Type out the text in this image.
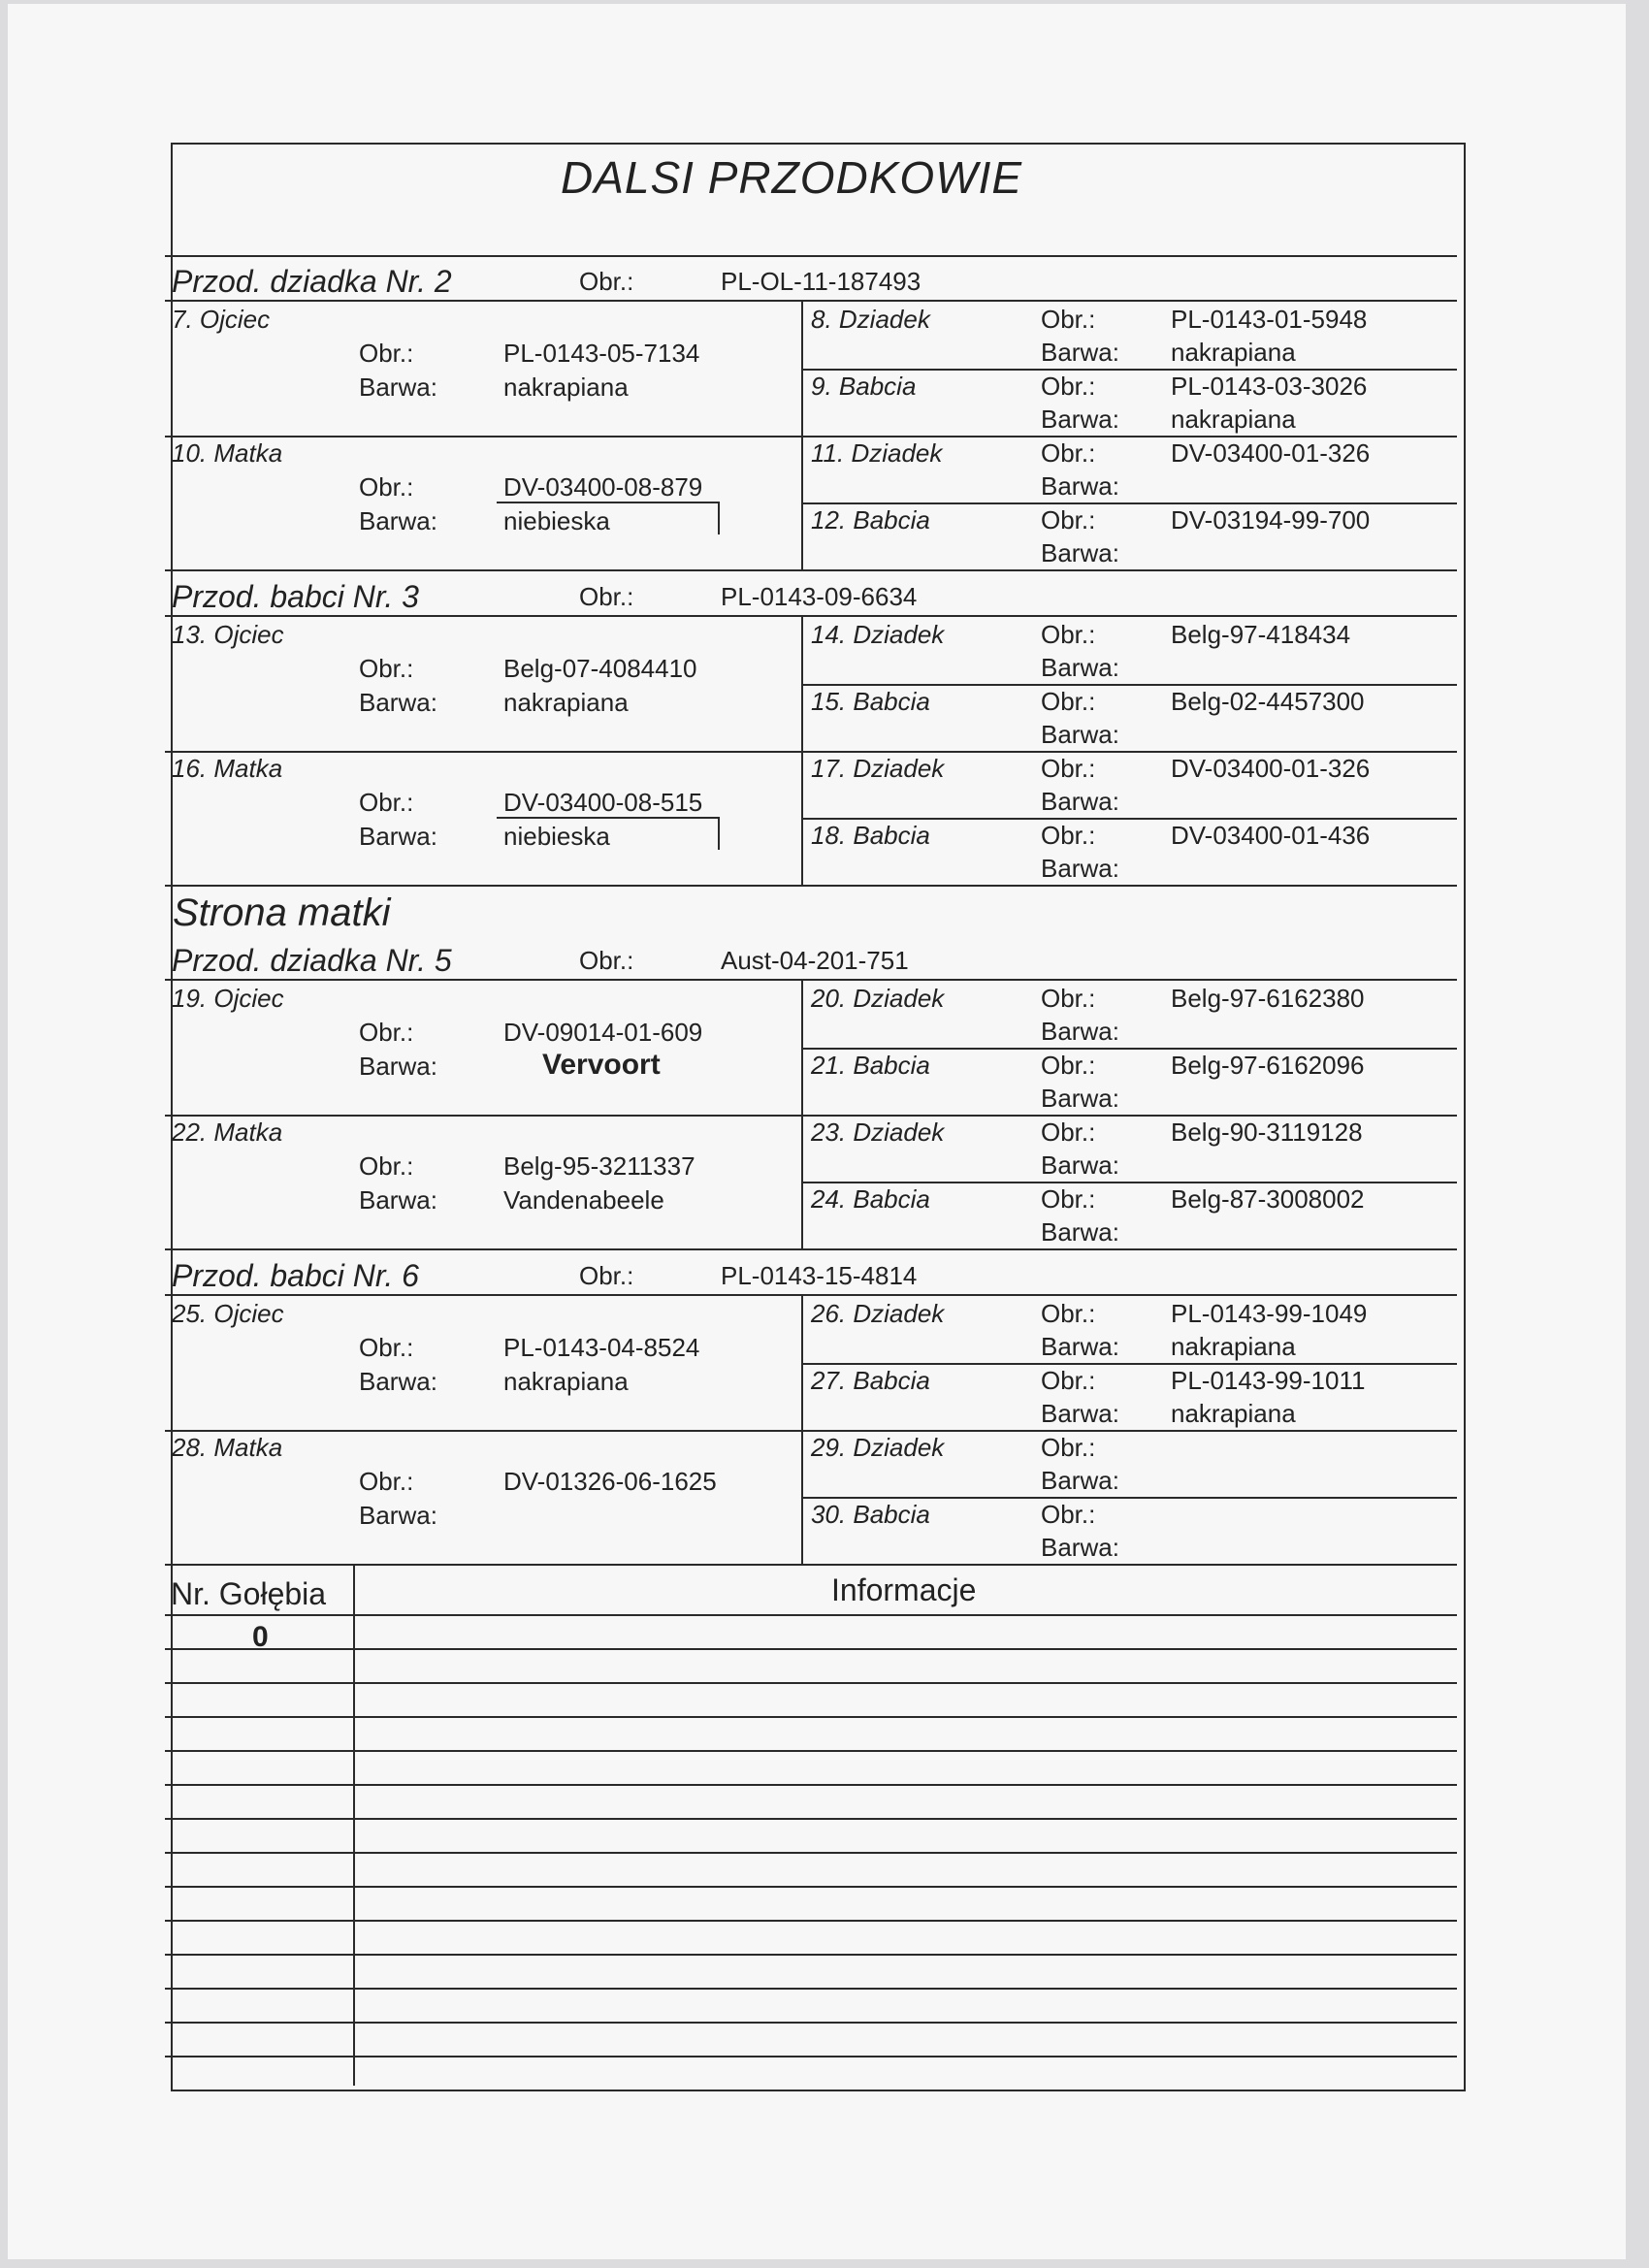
DALSI PRZODKOWIE
Przod. dziadka Nr. 2	Obr.:	PL-OL-11-187493
7. Ojciec
Obr.:	PL-0143-05-7134
Barwa:	nakrapiana
10. Matka
Obr.:	DV-03400-08-879
Barwa:	niebieska
8. Dziadek	Obr.:	PL-0143-01-5948
Barwa: nakrapiana
9. Babcia	Obr.:	PL-0143-03-3026
Barwa: nakrapiana
11. Dziadek	Obr.:	DV-03400-01-326
Barwa:
12. Babcia	Obr.:	DV-03194-99-700
Barwa:
Przod. babci Nr. 3	Obr.:	PL-0143-09-6634
13. Ojciec
Obr.:	Belg-07-4084410
Barwa:	nakrapiana
16. Matka
Obr.:	DV-03400-08-515
Barwa:	niebieska
14. Dziadek	Obr.:	Belg-97-418434
Barwa:
15. Babcia	Obr.:	Belg-02-4457300
Barwa:
17. Dziadek	Obr.:	DV-03400-01-326
Barwa:
18. Babcia	Obr.:	DV-03400-01-436
Barwa:
Przod. dziadka Nr. 5	Obr.:	Aust-04-201-751
19. Ojciec
Obr.:	DV-09014-01-609
Barwa:	Vervoort
22. Matka
Obr.:	Belg-95-3211337
Barwa:	Vandenabeele
20. Dziadek	Obr.:	Belg-97-6162380
Barwa:
21. Babcia	Obr.:	Belg-97-6162096
Barwa:
23. Dziadek	Obr.:	Belg-90-3119128
Barwa:
24. Babcia	Obr.:	Belg-87-3008002
Barwa:
Przod. babci Nr. 6	Obr.:	PL-0143-15-4814
25. Ojciec
Obr.:	PL-0143-04-8524
Barwa:	nakrapiana
28. Matka
Obr.:	DV-01326-06-1625
Barwa:
26. Dziadek	Obr.:	PL-0143-99-1049
Barwa: nakrapiana
27. Babcia	Obr.:	PL-0143-99-1011
Barwa: nakrapiana
29. Dziadek	Obr.:
Barwa:
30. Babcia	Obr.:
Barwa:
Strona matki
Nr. Gołębia	Informacje
0
